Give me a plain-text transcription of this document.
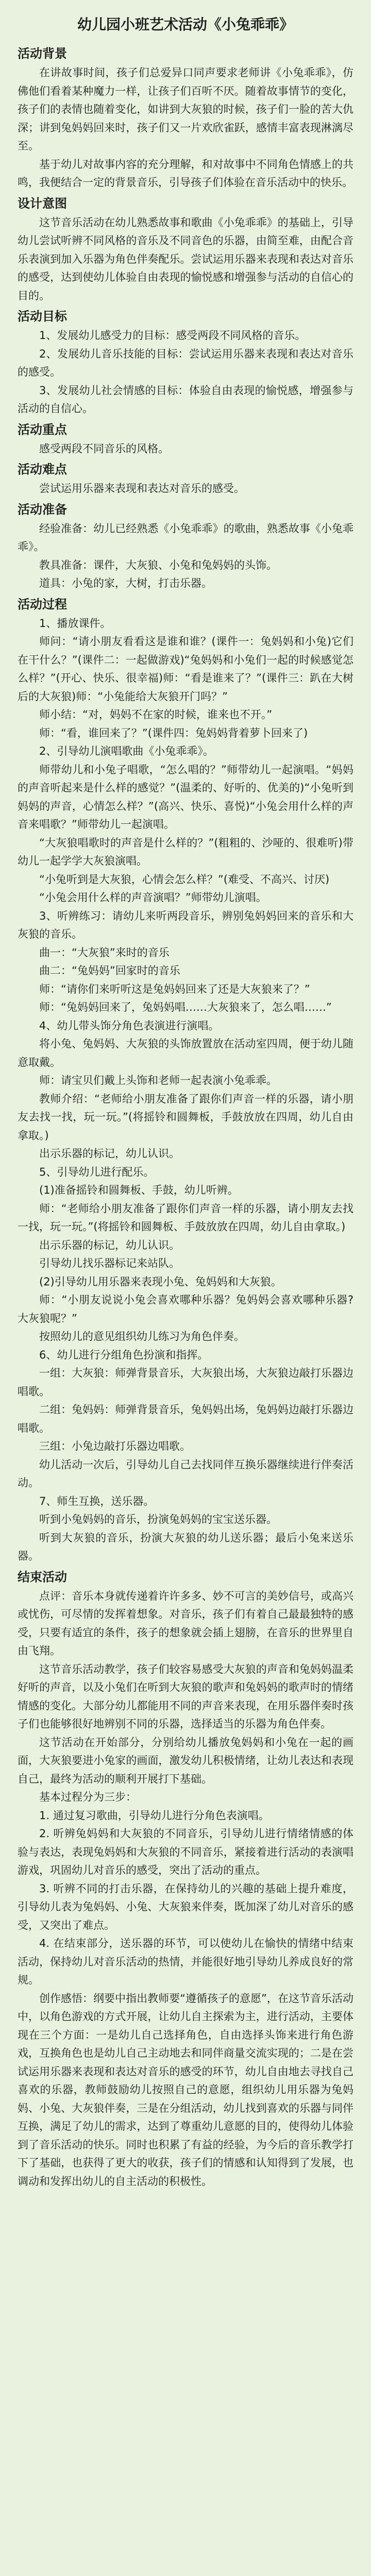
幼儿园小班艺术活动《小兔乖乖》
活动背景

在讲故事时间，孩子们总爱异口同声要求老师讲《小兔乖乖》，仿佛他们看着某种魔力一样，让孩子们百听不厌。随着故事情节的变化，孩子们的表情也随着变化，如讲到大灰狼的时候，孩子们一脸的苦大仇深；讲到兔妈妈回来时，孩子们又一片欢欣雀跃，感情丰富表现淋漓尽至。

基于幼儿对故事内容的充分理解，和对故事中不同角色情感上的共鸣，我便结合一定的背景音乐，引导孩子们体验在音乐活动中的快乐。

设计意图

这节音乐活动在幼儿熟悉故事和歌曲《小兔乖乖》的基础上，引导幼儿尝试听辨不同风格的音乐及不同音色的乐器，由简至难，由配合音乐表演到加入乐器为角色伴奏配乐。尝试运用乐器来表现和表达对音乐的感受，达到使幼儿体验自由表现的愉悦感和增强参与活动的自信心的目的。

活动目标

1、发展幼儿感受力的目标：感受两段不同风格的音乐。

2、发展幼儿音乐技能的目标：尝试运用乐器来表现和表达对音乐的感受。

3、发展幼儿社会情感的目标：体验自由表现的愉悦感，增强参与活动的自信心。

活动重点

感受两段不同音乐的风格。

活动难点

尝试运用乐器来表现和表达对音乐的感受。

活动准备

经验准备：幼儿已经熟悉《小兔乖乖》的歌曲，熟悉故事《小兔乖乖》。

教具准备：课件，大灰狼、小兔和兔妈妈的头饰。

道具：小兔的家，大树，打击乐器。

活动过程

1、播放课件。

师问：“请小朋友看看这是谁和谁？(课件一：兔妈妈和小兔)它们在干什么？”(课件二：一起做游戏)“兔妈妈和小兔们一起的时候感觉怎么样？”(开心、快乐、很幸福)师：“看是谁来了？”(课件三：趴在大树后的大灰狼)师：“小兔能给大灰狼开门吗？”

师小结：“对，妈妈不在家的时候，谁来也不开。”

师：“看，谁回来了？”(课件四：兔妈妈背着萝卜回来了)

2、引导幼儿演唱歌曲《小兔乖乖》。

师带幼儿和小兔子唱歌，“怎么唱的？”师带幼儿一起演唱。“妈妈的声音听起来是什么样的感觉？”(温柔的、好听的、优美的)“小兔听到妈妈的声音，心情怎么样？”(高兴、快乐、喜悦)“小兔会用什么样的声音来唱歌？”师带幼儿一起演唱。

“大灰狼唱歌时的声音是什么样的？”(粗粗的、沙哑的、很难听)带幼儿一起学学大灰狼演唱。

“小兔听到是大灰狼，心情会怎么样？”(难受、不高兴、讨厌)

“小兔会用什么样的声音演唱？”师带幼儿演唱。

3、听辨练习：请幼儿来听两段音乐，辨别兔妈妈回来的音乐和大灰狼的音乐。

曲一：“大灰狼”来时的音乐

曲二：“兔妈妈”回家时的音乐

师：“请你们来听听这是兔妈妈回来了还是大灰狼来了？”

师：“兔妈妈回来了，兔妈妈唱……大灰狼来了，怎么唱……”

4、幼儿带头饰分角色表演进行演唱。

将小兔、兔妈妈、大灰狼的头饰放置放在活动室四周，便于幼儿随意取戴。

师：请宝贝们戴上头饰和老师一起表演小兔乖乖。

教师介绍：“老师给小朋友准备了跟你们声音一样的乐器，请小朋友去找一找，玩一玩。”(将摇铃和圆舞板，手鼓放放在四周，幼儿自由拿取。)

出示乐器的标记，幼儿认识。

5、引导幼儿进行配乐。

(1)准备摇铃和圆舞板、手鼓，幼儿听辨。

师：“老师给小朋友准备了跟你们声音一样的乐器，请小朋友去找一找，玩一玩。”(将摇铃和圆舞板、手鼓放放在四周，幼儿自由拿取。)

出示乐器的标记，幼儿认识。

引导幼儿找乐器标记来站队。

(2)引导幼儿用乐器来表现小兔、兔妈妈和大灰狼。

师：“小朋友说说小兔会喜欢哪种乐器？兔妈妈会喜欢哪种乐器?大灰狼呢？”

按照幼儿的意见组织幼儿练习为角色伴奏。

6、幼儿进行分组角色扮演和指挥。

一组：大灰狼：师弹背景音乐，大灰狼出场，大灰狼边敲打乐器边唱歌。

二组：兔妈妈：师弹背景音乐，兔妈妈出场，兔妈妈边敲打乐器边唱歌。

三组：小兔边敲打乐器边唱歌。

幼儿活动一次后，引导幼儿自己去找同伴互换乐器继续进行伴奏活动。

7、师生互换，送乐器。

听到小兔妈妈的音乐，扮演兔妈妈的宝宝送乐器。

听到大灰狼的音乐，扮演大灰狼的幼儿送乐器；最后小兔来送乐器。

结束活动

点评：音乐本身就传递着许许多多、妙不可言的美妙信号，或高兴或忧伤，可尽情的发挥着想象。对音乐，孩子们有着自己最最独特的感受，只要有适宜的条件，孩子的想象就会插上翅膀，在音乐的世界里自由飞翔。

这节音乐活动教学，孩子们较容易感受大灰狼的声音和兔妈妈温柔好听的声音，以及小兔们在听到大灰狼的歌声和兔妈妈的歌声时的情绪情感的变化。大部分幼儿都能用不同的声音来表现，在用乐器伴奏时孩子们也能够很好地辨别不同的乐器，选择适当的乐器为角色伴奏。

这节活动在开始部分，分别给幼儿播放兔妈妈和小兔在一起的画面，大灰狼要进小兔家的画面，激发幼儿积极情绪，让幼儿表达和表现自己，最终为活动的顺利开展打下基础。

基本过程分为三步：

1. 通过复习歌曲，引导幼儿进行分角色表演唱。

2. 听辨兔妈妈和大灰狼的不同音乐，引导幼儿进行情绪情感的体验与表达，表现兔妈妈和大灰狼的不同音乐，紧接着进行活动的表演唱游戏，巩固幼儿对音乐的感受，突出了活动的重点。

3. 听辨不同的打击乐器，在保持幼儿的兴趣的基础上提升难度，引导幼儿表为兔妈妈、小兔、大灰狼来伴奏，既加深了幼儿对音乐的感受，又突出了难点。

4. 在结束部分，送乐器的环节，可以使幼儿在愉快的情绪中结束活动，保持幼儿对音乐活动的热情，并能很好地引导幼儿养成良好的常规。

创作感悟：纲要中指出教师要“遵循孩子的意愿”，在这节音乐活动中，以角色游戏的方式开展，让幼儿自主探索为主，进行活动，主要体现在三个方面：一是幼儿自己选择角色，自由选择头饰来进行角色游戏，互换角色也是幼儿自己主动地去和同伴商量交流实现的；二是在尝试运用乐器来表现和表达对音乐的感受的环节，幼儿自由地去寻找自己喜欢的乐器，教师鼓励幼儿按照自己的意愿，组织幼儿用乐器为兔妈妈、小兔、大灰狼伴奏，三是在分组活动，幼儿找到喜欢的乐器与同伴互换，满足了幼儿的需求，达到了尊重幼儿意愿的目的，使得幼儿体验到了音乐活动的快乐。同时也积累了有益的经验，为今后的音乐教学打下了基础，也获得了更大的收获，孩子们的情感和认知得到了发展，也调动和发挥出幼儿的自主活动的积极性。
